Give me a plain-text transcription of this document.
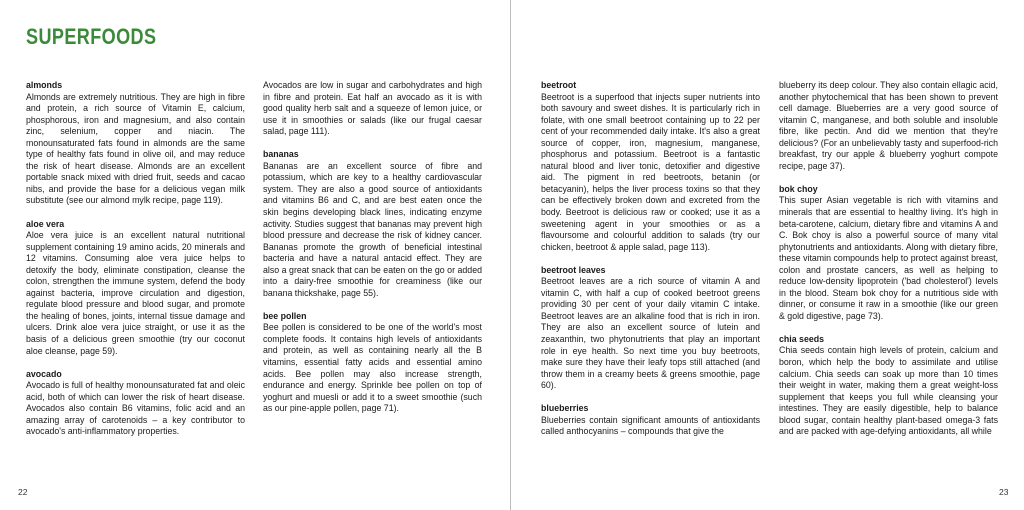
SUPERFOODS

almonds

Almonds are extremely nutritious. They are high in fibre and protein, a rich source of Vitamin E, calcium, phosphorous, iron and magnesium, and also contain zinc, selenium, copper and niacin. The monounsaturated fats found in almonds are the same type of healthy fats found in olive oil, and may reduce the risk of heart disease. Almonds are an excellent portable snack mixed with dried fruit, seeds and cacao nibs, and provide the base for a delicious vegan milk substitute (see our almond mylk recipe, page 119).

aloe vera

Aloe vera juice is an excellent natural nutritional supplement containing 19 amino acids, 20 minerals and 12 vitamins. Consuming aloe vera juice helps to detoxify the body, eliminate constipation, cleanse the colon, strengthen the immune system, defend the body against bacteria, improve circulation and digestion, regulate blood pressure and blood sugar, and promote the healing of bones, joints, internal tissue damage and ulcers. Drink aloe vera juice straight, or use it as the basis of a delicious green smoothie (try our coconut aloe cleanse, page 59).

avocado

Avocado is full of healthy monounsaturated fat and oleic acid, both of which can lower the risk of heart disease. Avocados also contain B6 vitamins, folic acid and an amazing array of carotenoids – a key contributor to avocado's anti-inflammatory properties.

Avocados are low in sugar and carbohydrates and high in fibre and protein. Eat half an avocado as it is with good quality herb salt and a squeeze of lemon juice, or use it in smoothies or salads (like our frugal caesar salad, page 111).

bananas

Bananas are an excellent source of fibre and potassium, which are key to a healthy cardiovascular system. They are also a good source of antioxidants and vitamins B6 and C, and are best eaten once the skin begins developing black lines, indicating enzyme activity. Studies suggest that bananas may prevent high blood pressure and decrease the risk of kidney cancer. Bananas promote the growth of beneficial intestinal bacteria and have a natural antacid effect. They are also a great snack that can be eaten on the go or added into a dairy-free smoothie for creaminess (like our banana thickshake, page 55).

bee pollen

Bee pollen is considered to be one of the world's most complete foods. It contains high levels of antioxidants and protein, as well as containing nearly all the B vitamins, essential fatty acids and essential amino acids. Bee pollen may also increase strength, endurance and energy. Sprinkle bee pollen on top of yoghurt and muesli or add it to a sweet smoothie (such as our pine-apple pollen, page 71).

22

beetroot

Beetroot is a superfood that injects super nutrients into both savoury and sweet dishes. It is particularly rich in folate, with one small beetroot containing up to 22 per cent of your recommended daily intake. It's also a great source of copper, iron, magnesium, manganese, phosphorus and potassium. Beetroot is a fantastic natural blood and liver tonic, detoxifier and digestive aid. The pigment in red beetroots, betanin (or betacyanin), helps the liver process toxins so that they can be effectively broken down and excreted from the body. Beetroot is delicious raw or cooked; use it as a sweetening agent in your smoothies or as a flavoursome and colourful addition to salads (try our chicken, beetroot & apple salad, page 113).

beetroot leaves

Beetroot leaves are a rich source of vitamin A and vitamin C, with half a cup of cooked beetroot greens providing 30 per cent of your daily vitamin C intake. Beetroot leaves are an alkaline food that is rich in iron. They are also an excellent source of lutein and zeaxanthin, two phytonutrients that play an important role in eye health. So next time you buy beetroots, make sure they have their leafy tops still attached (and throw them in a creamy beets & greens smoothie, page 60).

blueberries

Blueberries contain significant amounts of antioxidants called anthocyanins – compounds that give the

blueberry its deep colour. They also contain ellagic acid, another phytochemical that has been shown to prevent cell damage. Blueberries are a very good source of vitamin C, manganese, and both soluble and insoluble fibre, like pectin. And did we mention that they're delicious? (For an unbelievably tasty and superfood-rich breakfast, try our apple & blueberry yoghurt compote recipe, page 37).

bok choy

This super Asian vegetable is rich with vitamins and minerals that are essential to healthy living. It's high in beta-carotene, calcium, dietary fibre and vitamins A and C. Bok choy is also a powerful source of many vital phytonutrients and antioxidants. Along with dietary fibre, these vitamin compounds help to protect against breast, colon and prostate cancers, as well as helping to reduce low-density lipoprotein ('bad cholesterol') levels in the blood. Steam bok choy for a nutritious side with dinner, or consume it raw in a smoothie (like our green & gold digestive, page 73).

chia seeds

Chia seeds contain high levels of protein, calcium and boron, which help the body to assimilate and utilise calcium. Chia seeds can soak up more than 10 times their weight in water, making them a great weight-loss supplement that keeps you full while cleansing your intestines. They are easily digestible, help to balance blood sugar, contain healthy plant-based omega-3 fats and are packed with age-defying antioxidants, all while

23
